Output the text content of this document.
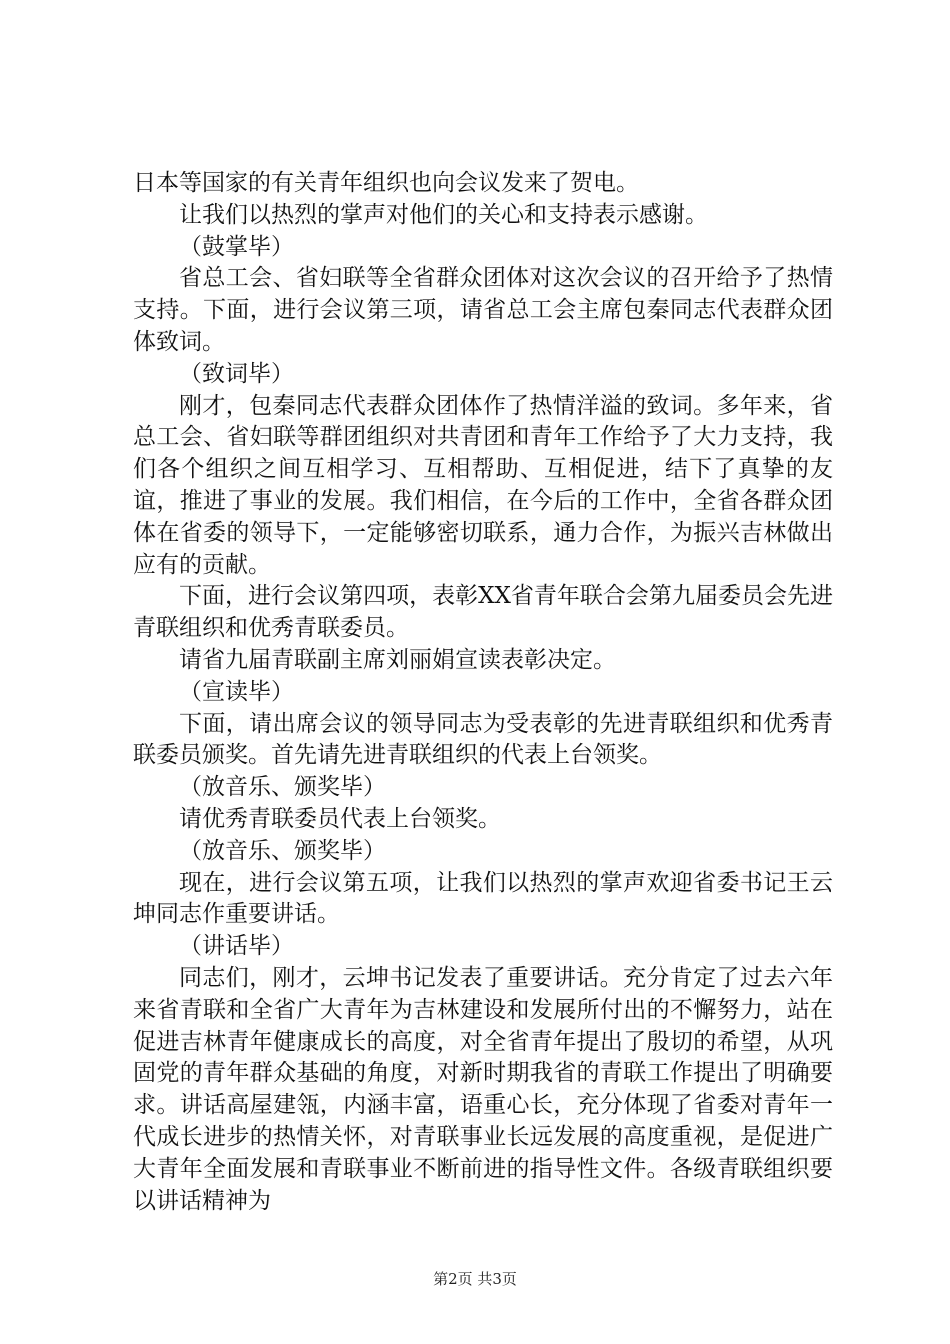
日本等国家的有关青年组织也向会议发来了贺电。

让我们以热烈的掌声对他们的关心和支持表示感谢。

（鼓掌毕）

省总工会、省妇联等全省群众团体对这次会议的召开给予了热情支持。下面，进行会议第三项，请省总工会主席包秦同志代表群众团体致词。

（致词毕）

刚才，包秦同志代表群众团体作了热情洋溢的致词。多年来，省总工会、省妇联等群团组织对共青团和青年工作给予了大力支持，我们各个组织之间互相学习、互相帮助、互相促进，结下了真挚的友谊，推进了事业的发展。我们相信，在今后的工作中，全省各群众团体在省委的领导下，一定能够密切联系，通力合作，为振兴吉林做出应有的贡献。

下面，进行会议第四项，表彰XX省青年联合会第九届委员会先进青联组织和优秀青联委员。

请省九届青联副主席刘丽娟宣读表彰决定。

（宣读毕）

下面，请出席会议的领导同志为受表彰的先进青联组织和优秀青联委员颁奖。首先请先进青联组织的代表上台领奖。

（放音乐、颁奖毕）

请优秀青联委员代表上台领奖。

（放音乐、颁奖毕）

现在，进行会议第五项，让我们以热烈的掌声欢迎省委书记王云坤同志作重要讲话。

（讲话毕）

同志们，刚才，云坤书记发表了重要讲话。充分肯定了过去六年来省青联和全省广大青年为吉林建设和发展所付出的不懈努力，站在促进吉林青年健康成长的高度，对全省青年提出了殷切的希望，从巩固党的青年群众基础的角度，对新时期我省的青联工作提出了明确要求。讲话高屋建瓴，内涵丰富，语重心长，充分体现了省委对青年一代成长进步的热情关怀，对青联事业长远发展的高度重视，是促进广大青年全面发展和青联事业不断前进的指导性文件。各级青联组织要以讲话精神为

第2页 共3页
